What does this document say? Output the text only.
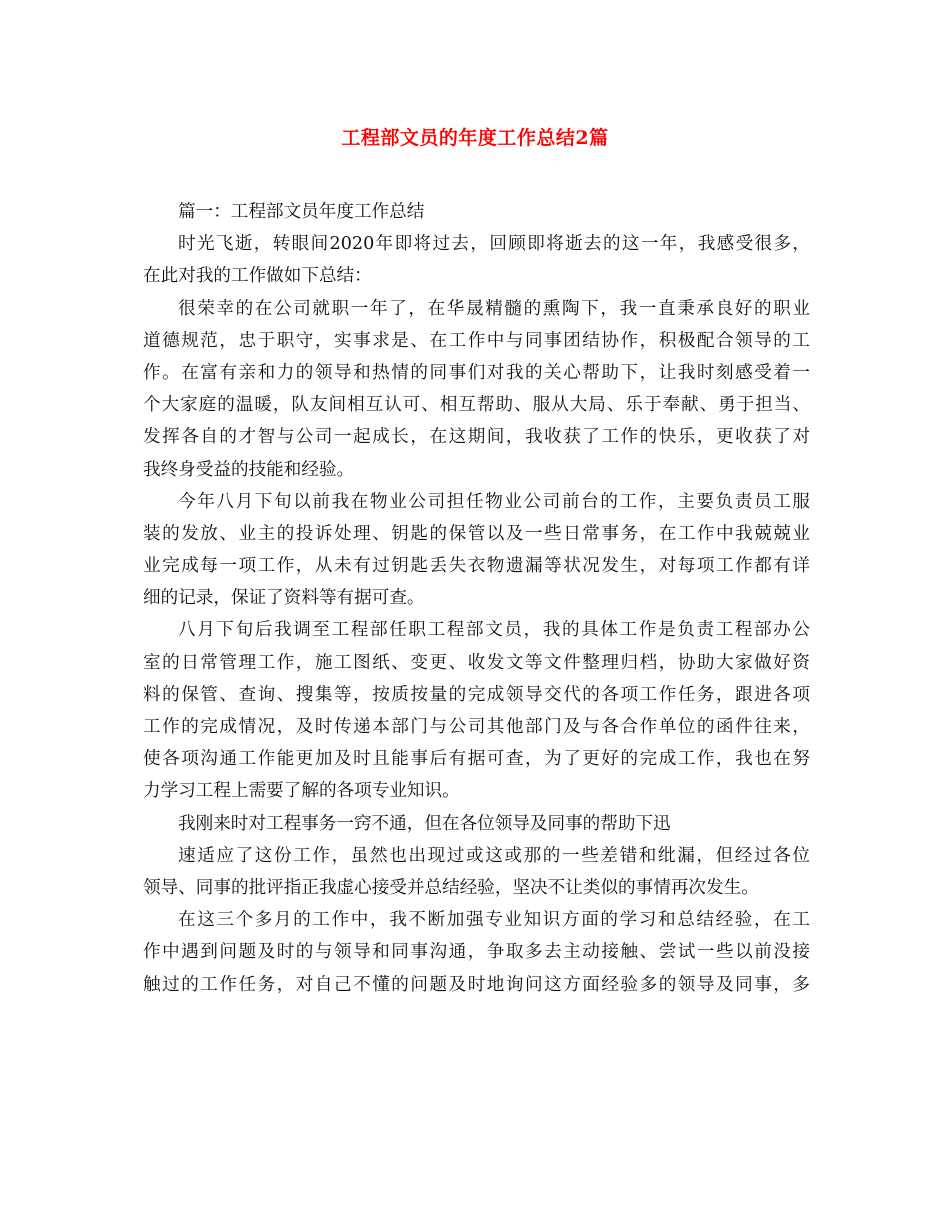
工程部文员的年度工作总结2篇
篇一：工程部文员年度工作总结
时光飞逝，转眼间2020年即将过去，回顾即将逝去的这一年，我感受很多，
在此对我的工作做如下总结：
很荣幸的在公司就职一年了，在华晟精髓的熏陶下，我一直秉承良好的职业
道德规范，忠于职守，实事求是、在工作中与同事团结协作，积极配合领导的工
作。在富有亲和力的领导和热情的同事们对我的关心帮助下，让我时刻感受着一
个大家庭的温暖，队友间相互认可、相互帮助、服从大局、乐于奉献、勇于担当、
发挥各自的才智与公司一起成长，在这期间，我收获了工作的快乐，更收获了对
我终身受益的技能和经验。
今年八月下旬以前我在物业公司担任物业公司前台的工作，主要负责员工服
装的发放、业主的投诉处理、钥匙的保管以及一些日常事务，在工作中我兢兢业
业完成每一项工作，从未有过钥匙丢失衣物遗漏等状况发生，对每项工作都有详
细的记录，保证了资料等有据可查。
八月下旬后我调至工程部任职工程部文员，我的具体工作是负责工程部办公
室的日常管理工作，施工图纸、变更、收发文等文件整理归档，协助大家做好资
料的保管、查询、搜集等，按质按量的完成领导交代的各项工作任务，跟进各项
工作的完成情况，及时传递本部门与公司其他部门及与各合作单位的函件往来，
使各项沟通工作能更加及时且能事后有据可查，为了更好的完成工作，我也在努
力学习工程上需要了解的各项专业知识。
我刚来时对工程事务一窍不通，但在各位领导及同事的帮助下迅
速适应了这份工作，虽然也出现过或这或那的一些差错和纰漏，但经过各位
领导、同事的批评指正我虚心接受并总结经验，坚决不让类似的事情再次发生。
在这三个多月的工作中，我不断加强专业知识方面的学习和总结经验，在工
作中遇到问题及时的与领导和同事沟通，争取多去主动接触、尝试一些以前没接
触过的工作任务，对自己不懂的问题及时地询问这方面经验多的领导及同事，多
